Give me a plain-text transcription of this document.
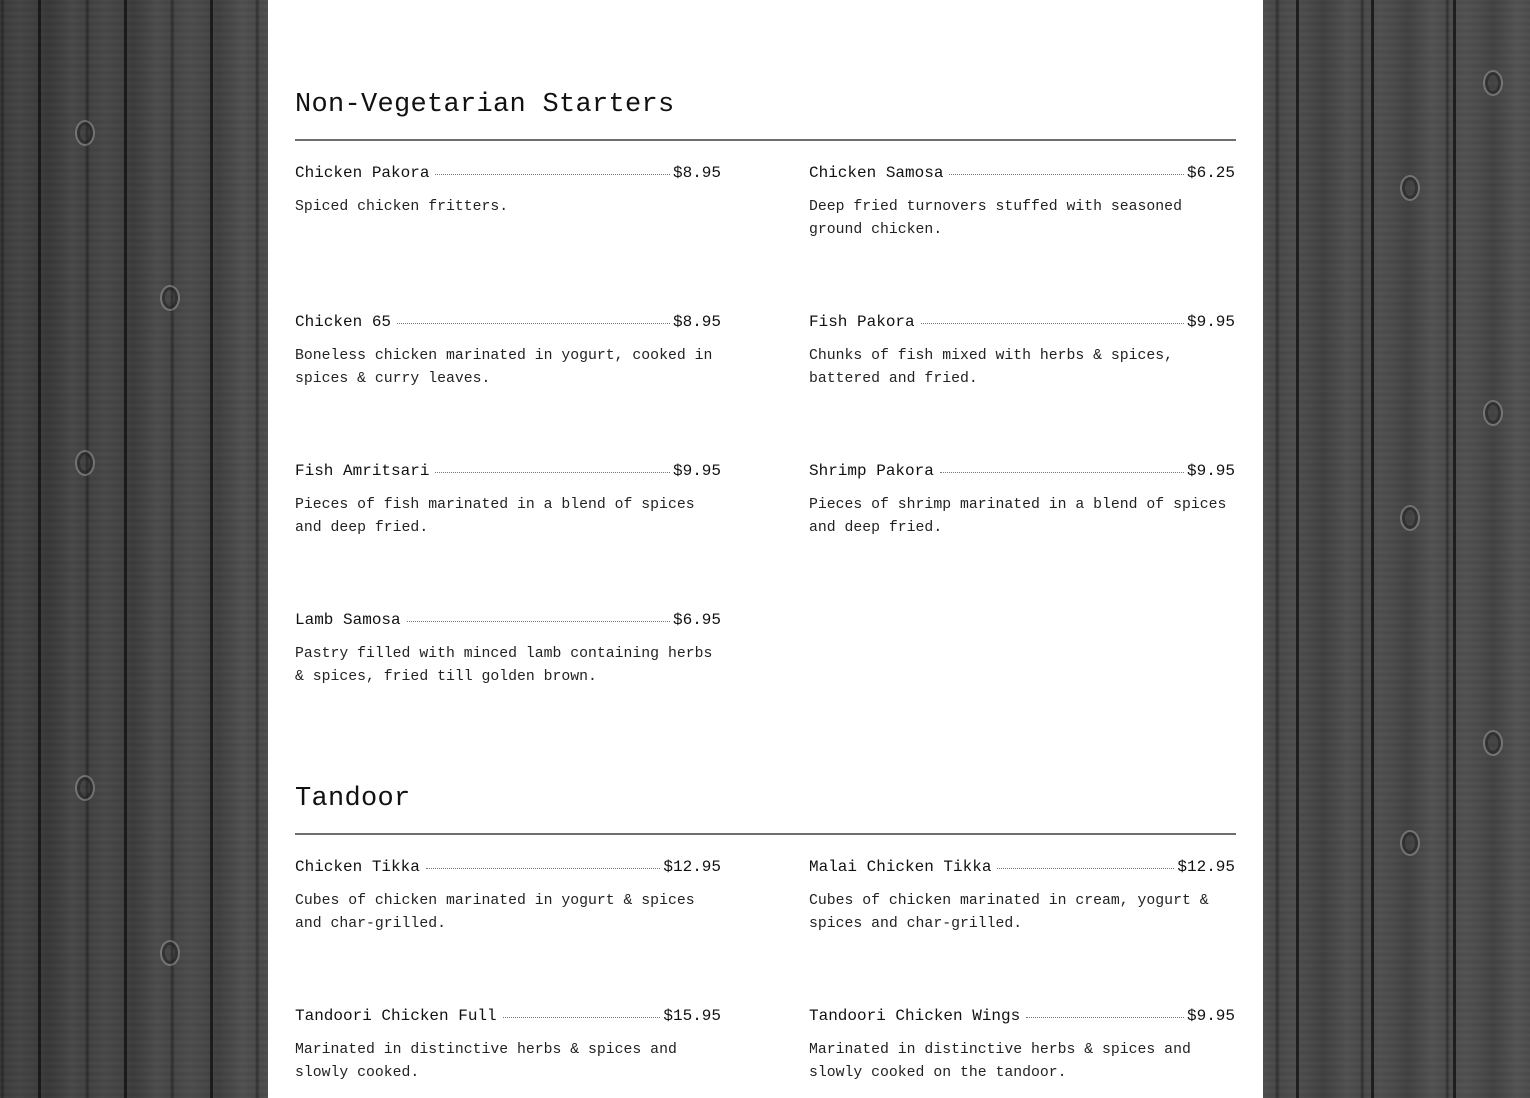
Non-Vegetarian Starters
Chicken Pakora	$8.95
Spiced chicken fritters.
Chicken Samosa	$6.25
Deep fried turnovers stuffed with seasoned ground chicken.
Chicken 65	$8.95
Boneless chicken marinated in yogurt, cooked in spices & curry leaves.
Fish Pakora	$9.95
Chunks of fish mixed with herbs & spices, battered and fried.
Fish Amritsari	$9.95
Pieces of fish marinated in a blend of spices and deep fried.
Shrimp Pakora	$9.95
Pieces of shrimp marinated in a blend of spices and deep fried.
Lamb Samosa	$6.95
Pastry filled with minced lamb containing herbs & spices, fried till golden brown.
Tandoor
Chicken Tikka	$12.95
Cubes of chicken marinated in yogurt & spices and char-grilled.
Malai Chicken Tikka	$12.95
Cubes of chicken marinated in cream, yogurt & spices and char-grilled.
Tandoori Chicken Full	$15.95
Marinated in distinctive herbs & spices and slowly cooked.
Tandoori Chicken Wings	$9.95
Marinated in distinctive herbs & spices and slowly cooked on the tandoor.
